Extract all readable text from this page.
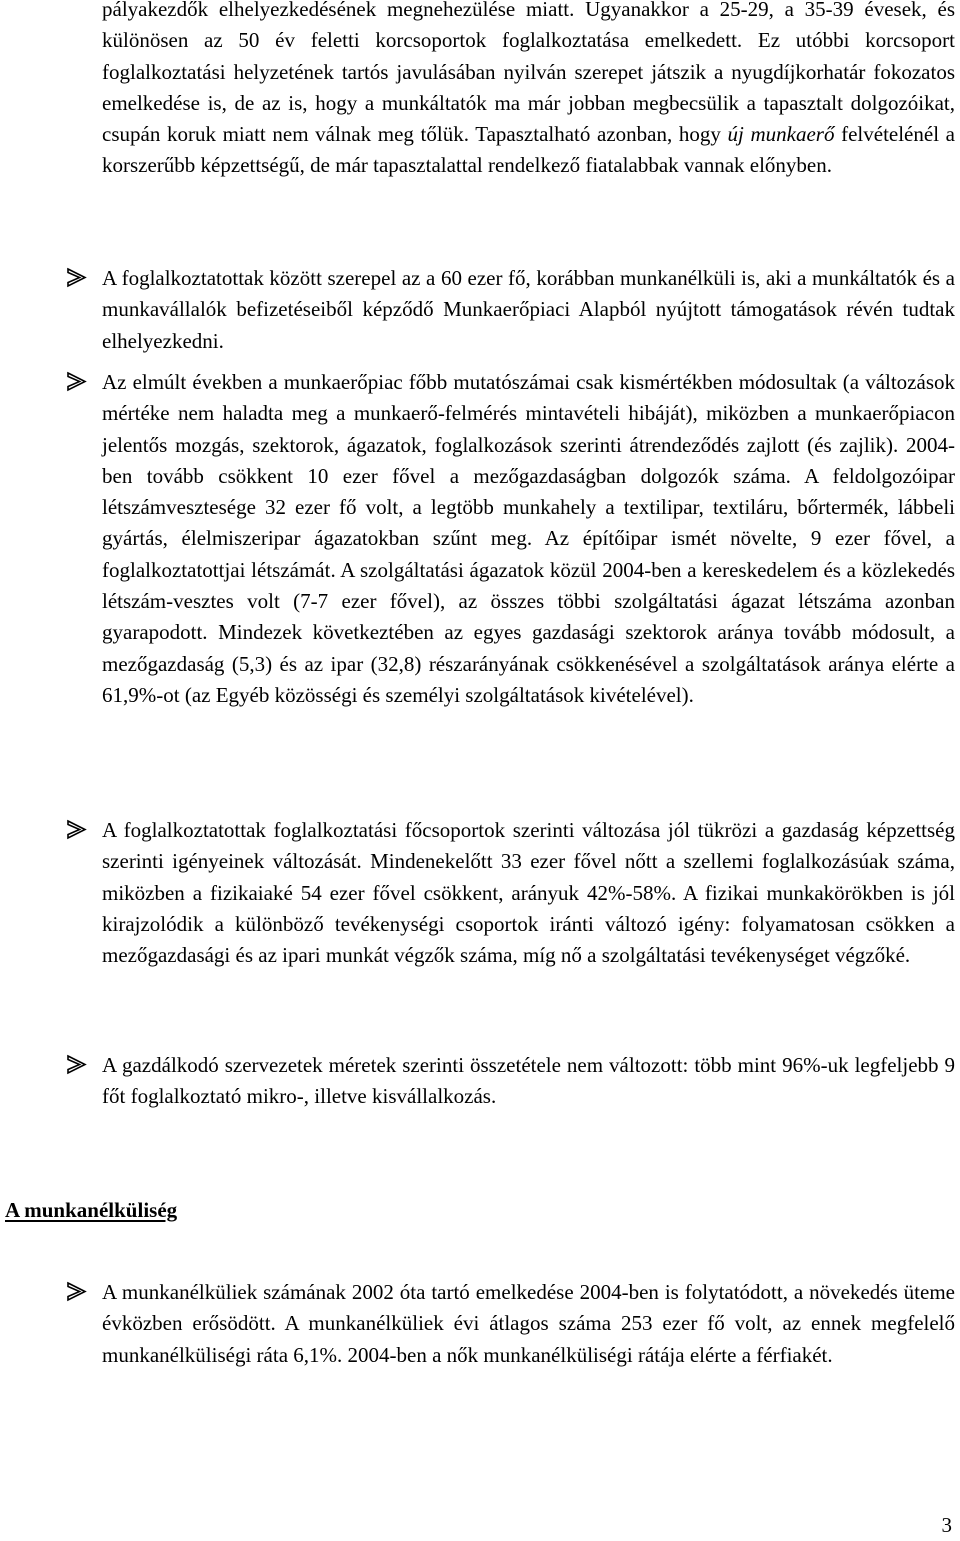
pályakezdők elhelyezkedésének megnehezülése miatt. Ugyanakkor a 25-29, a 35-39 évesek, és különösen az 50 év feletti korcsoportok foglalkoztatása emelkedett. Ez utóbbi korcsoport foglalkoztatási helyzetének tartós javulásában nyilván szerepet játszik a nyugdíjkorhatár fokozatos emelkedése is, de az is, hogy a munkáltatók ma már jobban megbecsülik a tapasztalt dolgozóikat, csupán koruk miatt nem válnak meg tőlük. Tapasztalható azonban, hogy új munkaerő felvételénél a korszerűbb képzettségű, de már tapasztalattal rendelkező fiatalabbak vannak előnyben.

A foglalkoztatottak között szerepel az a 60 ezer fő, korábban munkanélküli is, aki a munkáltatók és a munkavállalók befizetéseiből képződő Munkaerőpiaci Alapból nyújtott támogatások révén tudtak elhelyezkedni.

Az elmúlt években a munkaerőpiac főbb mutatószámai csak kismértékben módosultak (a változások mértéke nem haladta meg a munkaerő-felmérés mintavételi hibáját), miközben a munkaerőpiacon jelentős mozgás, szektorok, ágazatok, foglalkozások szerinti átrendeződés zajlott (és zajlik). 2004-ben tovább csökkent 10 ezer fővel a mezőgazdaságban dolgozók száma. A feldolgozóipar létszámvesztesége 32 ezer fő volt, a legtöbb munkahely a textilipar, textiláru, bőrtermék, lábbeli gyártás, élelmiszeripar ágazatokban szűnt meg. Az építőipar ismét növelte, 9 ezer fővel, a foglalkoztatottjai létszámát. A szolgáltatási ágazatok közül 2004-ben a kereskedelem és a közlekedés létszám-vesztes volt (7-7 ezer fővel), az összes többi szolgáltatási ágazat létszáma azonban gyarapodott. Mindezek következtében az egyes gazdasági szektorok aránya tovább módosult, a mezőgazdaság (5,3) és az ipar (32,8) részarányának csökkenésével a szolgáltatások aránya elérte a 61,9%-ot (az Egyéb közösségi és személyi szolgáltatások kivételével).

A foglalkoztatottak foglalkoztatási főcsoportok szerinti változása jól tükrözi a gazdaság képzettség szerinti igényeinek változását. Mindenekelőtt 33 ezer fővel nőtt a szellemi foglalkozásúak száma, miközben a fizikaiaké 54 ezer fővel csökkent, arányuk 42%-58%. A fizikai munkakörökben is jól kirajzolódik a különböző tevékenységi csoportok iránti változó igény: folyamatosan csökken a mezőgazdasági és az ipari munkát végzők száma, míg nő a szolgáltatási tevékenységet végzőké.

A gazdálkodó szervezetek méretek szerinti összetétele nem változott: több mint 96%-uk legfeljebb 9 főt foglalkoztató mikro-, illetve kisvállalkozás.

A munkanélküliség

A munkanélküliek számának 2002 óta tartó emelkedése 2004-ben is folytatódott, a növekedés üteme évközben erősödött. A munkanélküliek évi átlagos száma 253 ezer fő volt, az ennek megfelelő munkanélküliségi ráta 6,1%. 2004-ben a nők munkanélküliségi rátája elérte a férfiakét.

3
